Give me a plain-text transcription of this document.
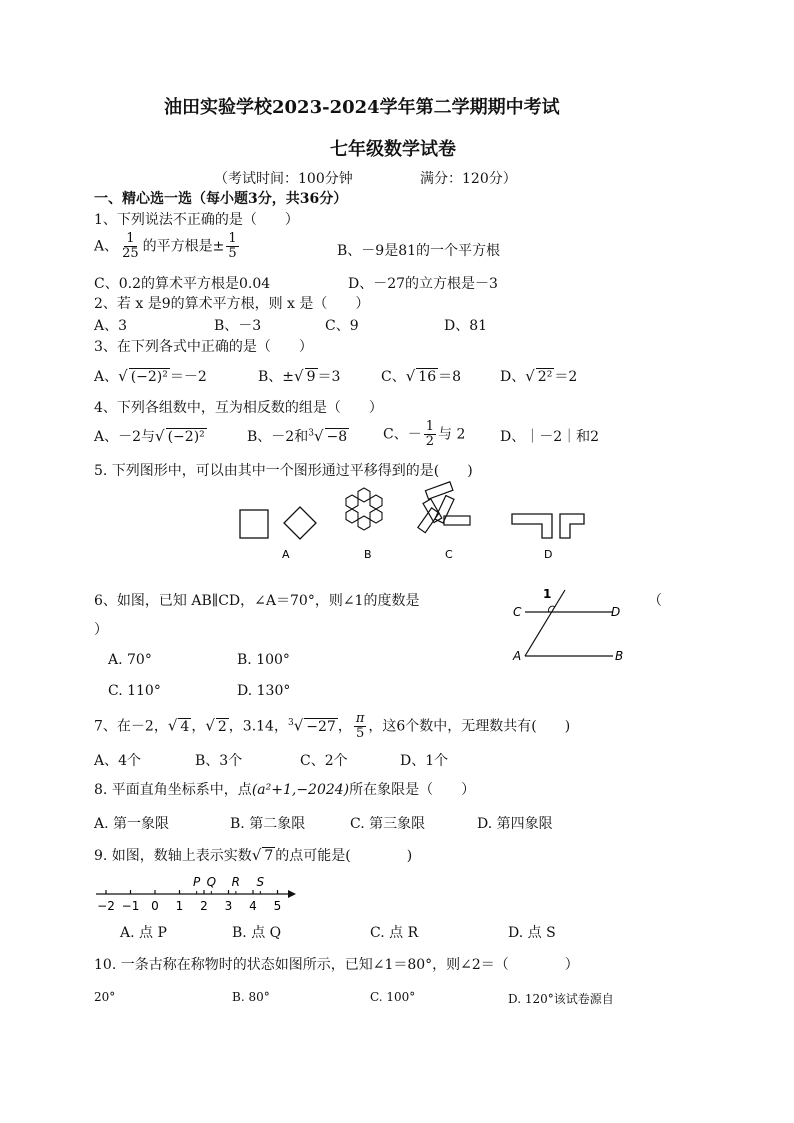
油田实验学校2023-2024学年第二学期期中考试
七年级数学试卷
（考试时间：100分钟	满分：120分）
一、精心选一选（每小题3分，共36分）
1、下列说法不正确的是（　　）
A、 $\frac{1}{25}$ 的平方根是± $\frac{1}{5}$	B、－9是81的一个平方根
C、0.2的算术平方根是0.04	D、－27的立方根是－3
2、若 x 是9的算术平方根，则 x 是（　　）
A、3	B、－3	C、9	D、81
3、在下列各式中正确的是（　　）
A、√ (−2)² ＝－2	B、±√ 9 ＝3	C、√ 16 ＝8	D、√ 2² ＝2
4、下列各组数中，互为相反数的组是（　　）
A、－2与√ (−2)²	B、－2和$^3$√ −8	C、－ $\frac{1}{2}$ 与 2 D、｜－2｜和2
5. 下列图形中，可以由其中一个图形通过平移得到的是(　　)
A	B	C	D
6、如图，已知 AB∥CD，∠A＝70°，则∠1的度数是	（
）
A. 70°	B. 100°
C. 110°	D. 130°
1
C	D
A	B
7、在－2，√ 4 ，√ 2 ，3.14，$^3$√ −27 ， $\frac{\pi}{5}$ ，这6个数中，无理数共有(　　)
A、4个	B、3个	C、2个	D、1个
8. 平面直角坐标系中，点(a²+1,−2024)所在象限是（　　）
A. 第一象限	B. 第二象限	C. 第三象限	D. 第四象限
9. 如图，数轴上表示实数√ 7 的点可能是(　　　　)
−2 −1 0 1 2 3 4 5
P Q R S
A. 点 P	B. 点 Q	C. 点 R	D. 点 S
10. 一条古称在称物时的状态如图所示，已知∠1＝80°，则∠2＝（　　　　）
20°	B. 80°	C. 100°	D. 120°该试卷源自
